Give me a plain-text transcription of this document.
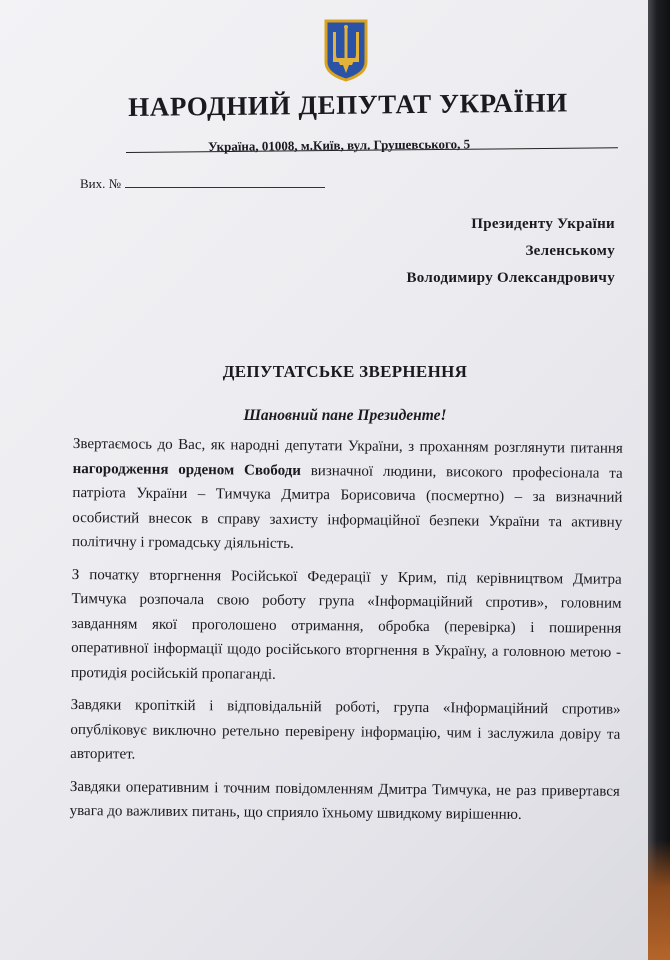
НАРОДНИЙ ДЕПУТАТ УКРАЇНИ
Україна, 01008, м.Київ, вул. Грушевського, 5
Вих. №
Президенту України
Зеленському
Володимиру Олександровичу
ДЕПУТАТСЬКЕ ЗВЕРНЕННЯ
Шановний пане Президенте!

Звертаємось до Вас, як народні депутати України, з проханням розглянути питання нагородження орденом Свободи визначної людини, високого професіонала та патріота України – Тимчука Дмитра Борисовича (посмертно) – за визначний особистий внесок в справу захисту інформаційної безпеки України та активну політичну і громадську діяльність.

З початку вторгнення Російської Федерації у Крим, під керівництвом Дмитра Тимчука розпочала свою роботу група «Інформаційний спротив», головним завданням якої проголошено отримання, обробка (перевірка) і поширення оперативної інформації щодо російського вторгнення в Україну, а головною метою - протидія російській пропаганді.

Завдяки кропіткій і відповідальній роботі, група «Інформаційний спротив» опубліковує виключно ретельно перевірену інформацію, чим і заслужила довіру та авторитет.

Завдяки оперативним і точним повідомленням Дмитра Тимчука, не раз привертався увага до важливих питань, що сприяло їхньому швидкому вирішенню.
